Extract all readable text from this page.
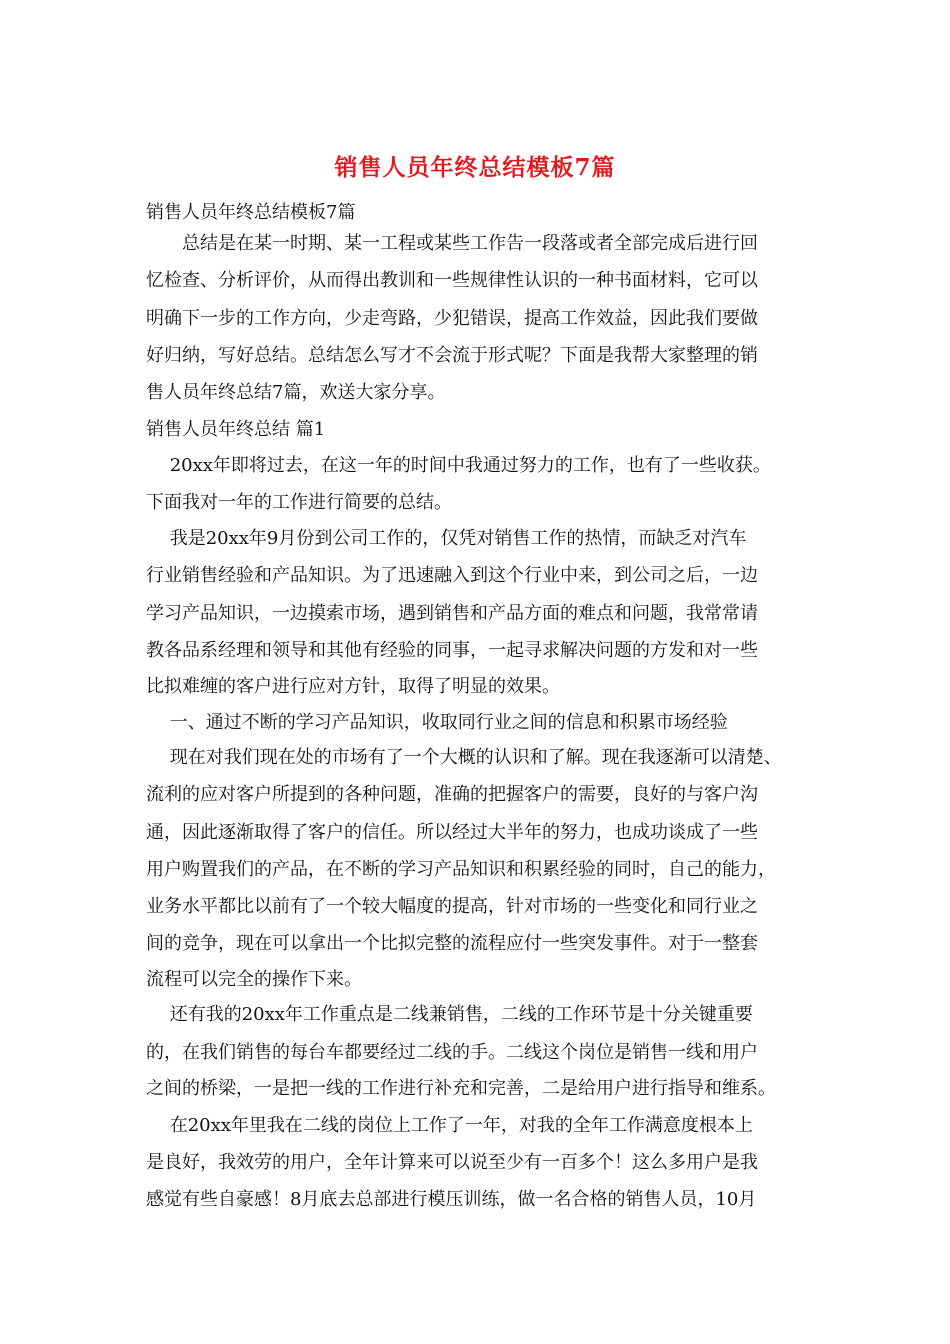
销售人员年终总结模板7篇

销售人员年终总结模板7篇

　　总结是在某一时期、某一工程或某些工作告一段落或者全部完成后进行回

忆检查、分析评价，从而得出教训和一些规律性认识的一种书面材料，它可以

明确下一步的工作方向，少走弯路，少犯错误，提高工作效益，因此我们要做

好归纳，写好总结。总结怎么写才不会流于形式呢？下面是我帮大家整理的销

售人员年终总结7篇，欢送大家分享。

销售人员年终总结 篇1

　 20xx年即将过去，在这一年的时间中我通过努力的工作，也有了一些收获。

下面我对一年的工作进行简要的总结。

　 我是20xx年9月份到公司工作的，仅凭对销售工作的热情，而缺乏对汽车

行业销售经验和产品知识。为了迅速融入到这个行业中来，到公司之后，一边

学习产品知识，一边摸索市场，遇到销售和产品方面的难点和问题，我常常请

教各品系经理和领导和其他有经验的同事，一起寻求解决问题的方发和对一些

比拟难缠的客户进行应对方针，取得了明显的效果。

　 一、通过不断的学习产品知识，收取同行业之间的信息和积累市场经验

　 现在对我们现在处的市场有了一个大概的认识和了解。现在我逐渐可以清楚、

流利的应对客户所提到的各种问题，准确的把握客户的需要，良好的与客户沟

通，因此逐渐取得了客户的信任。所以经过大半年的努力，也成功谈成了一些

用户购置我们的产品，在不断的学习产品知识和积累经验的同时，自己的能力，

业务水平都比以前有了一个较大幅度的提高，针对市场的一些变化和同行业之

间的竞争，现在可以拿出一个比拟完整的流程应付一些突发事件。对于一整套

流程可以完全的操作下来。

　 还有我的20xx年工作重点是二线兼销售，二线的工作环节是十分关键重要

的，在我们销售的每台车都要经过二线的手。二线这个岗位是销售一线和用户

之间的桥梁，一是把一线的工作进行补充和完善，二是给用户进行指导和维系。

　 在20xx年里我在二线的岗位上工作了一年，对我的全年工作满意度根本上

是良好，我效劳的用户，全年计算来可以说至少有一百多个！这么多用户是我

感觉有些自豪感！8月底去总部进行模压训练，做一名合格的销售人员，10月
